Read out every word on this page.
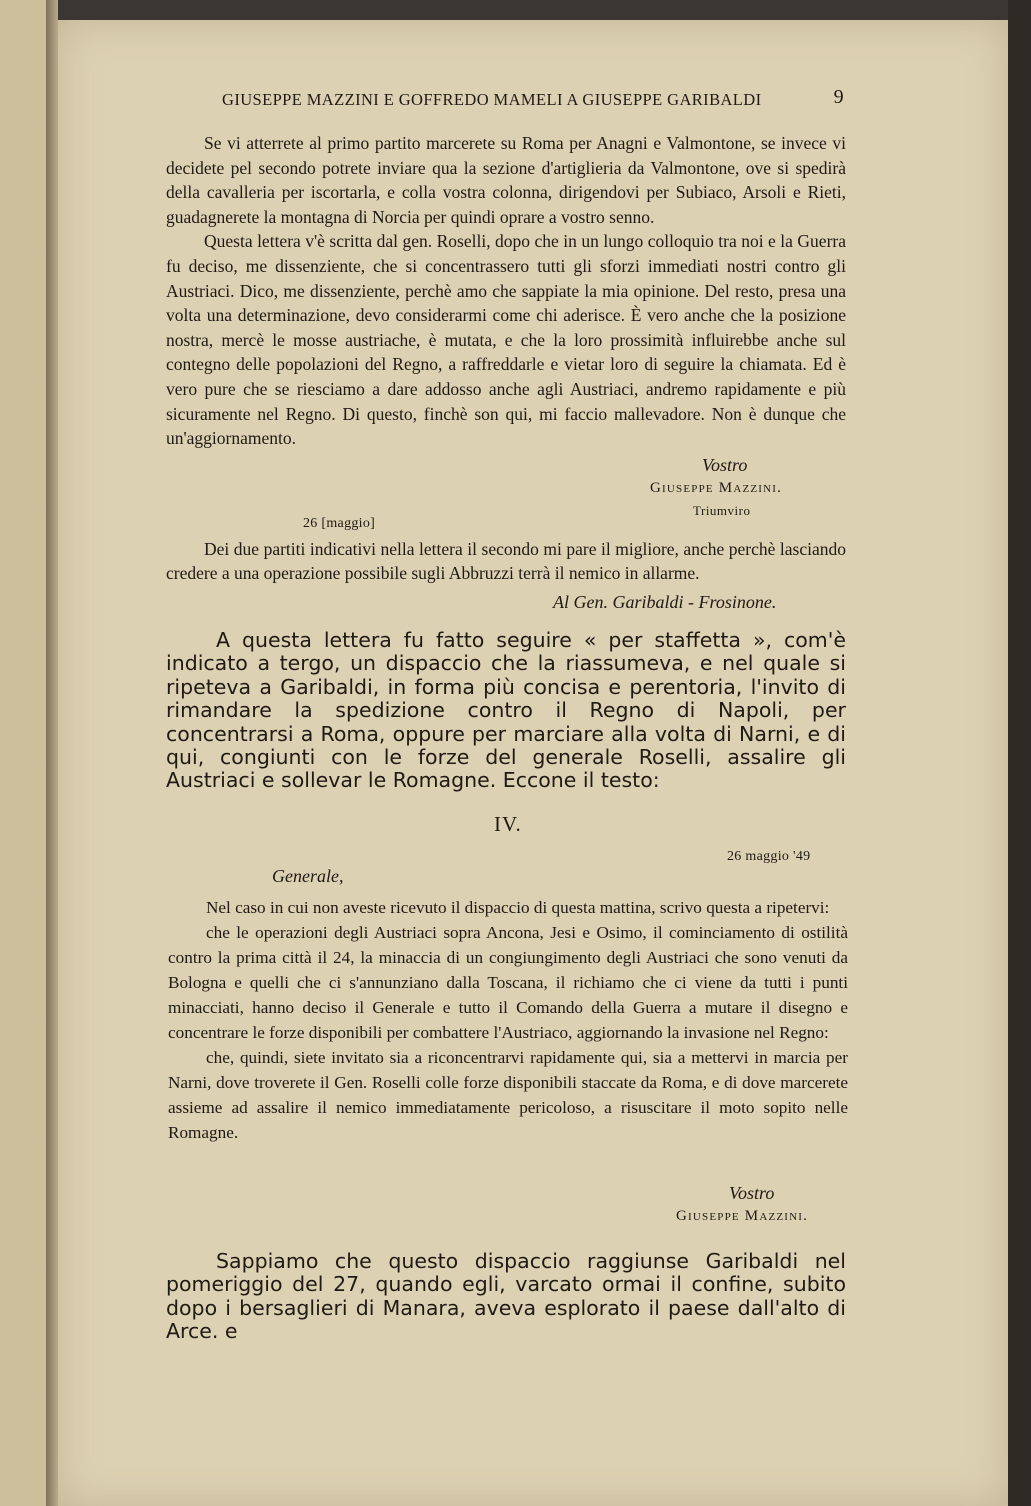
GIUSEPPE MAZZINI E GOFFREDO MAMELI A GIUSEPPE GARIBALDI	9

Se vi atterrete al primo partito marcerete su Roma per Anagni e Valmontone, se invece vi decidete pel secondo potrete inviare qua la sezione d'artiglieria da Valmontone, ove si spedirà della cavalleria per iscortarla, e colla vostra colonna, dirigendovi per Subiaco, Arsoli e Rieti, guadagnerete la montagna di Norcia per quindi oprare a vostro senno.

Questa lettera v'è scritta dal gen. Roselli, dopo che in un lungo colloquio tra noi e la Guerra fu deciso, me dissenziente, che si concentrassero tutti gli sforzi immediati nostri contro gli Austriaci. Dico, me dissenziente, perchè amo che sappiate la mia opinione. Del resto, presa una volta una determinazione, devo considerarmi come chi aderisce. È vero anche che la posizione nostra, mercè le mosse austriache, è mutata, e che la loro prossimità influirebbe anche sul contegno delle popolazioni del Regno, a raffreddarle e vietar loro di seguire la chiamata. Ed è vero pure che se riesciamo a dare addosso anche agli Austriaci, andremo rapidamente e più sicuramente nel Regno. Di questo, finchè son qui, mi faccio mallevadore. Non è dunque che un'aggiornamento.

Vostro
Giuseppe Mazzini.
Triumviro
26 [maggio]

Dei due partiti indicativi nella lettera il secondo mi pare il migliore, anche perchè lasciando credere a una operazione possibile sugli Abbruzzi terrà il nemico in allarme.

Al Gen. Garibaldi - Frosinone.

A questa lettera fu fatto seguire « per staffetta », com'è indicato a tergo, un dispaccio che la riassumeva, e nel quale si ripeteva a Garibaldi, in forma più concisa e perentoria, l'invito di rimandare la spedizione contro il Regno di Napoli, per concentrarsi a Roma, oppure per marciare alla volta di Narni, e di qui, congiunti con le forze del generale Roselli, assalire gli Austriaci e sollevar le Romagne. Eccone il testo:

IV.
26 maggio '49
Generale,

Nel caso in cui non aveste ricevuto il dispaccio di questa mattina, scrivo questa a ripetervi:

che le operazioni degli Austriaci sopra Ancona, Jesi e Osimo, il cominciamento di ostilità contro la prima città il 24, la minaccia di un congiungimento degli Austriaci che sono venuti da Bologna e quelli che ci s'annunziano dalla Toscana, il richiamo che ci viene da tutti i punti minacciati, hanno deciso il Generale e tutto il Comando della Guerra a mutare il disegno e concentrare le forze disponibili per combattere l'Austriaco, aggiornando la invasione nel Regno:

che, quindi, siete invitato sia a riconcentrarvi rapidamente qui, sia a mettervi in marcia per Narni, dove troverete il Gen. Roselli colle forze disponibili staccate da Roma, e di dove marcerete assieme ad assalire il nemico immediatamente pericoloso, a risuscitare il moto sopito nelle Romagne.

Vostro
Giuseppe Mazzini.

Sappiamo che questo dispaccio raggiunse Garibaldi nel pomeriggio del 27, quando egli, varcato ormai il confine, subito dopo i bersaglieri di Manara, aveva esplorato il paese dall'alto di Arce. e
